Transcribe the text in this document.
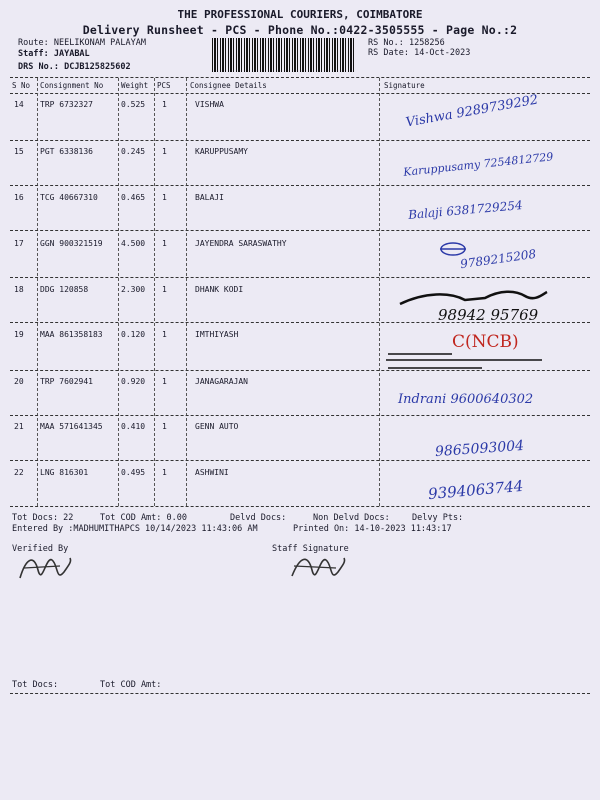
THE PROFESSIONAL COURIERS, COIMBATORE
Delivery Runsheet - PCS - Phone No.:0422-3505555 - Page No.:2
Route: NEELIKONAM PALAYAM
Staff: JAYABAL
DRS No.: DCJB125825602
RS No.: 1258256
RS Date: 14-Oct-2023
S No Consignment No Weight PCS	Consignee Details	Signature
14 TRP 6732327	0.525 1	VISHWA	Vishwa 9289739292
15 PGT 6338136	0.245 1	KARUPPUSAMY	Karuppusamy 7254812729
16 TCG 40667310	0.465 1	BALAJI
Balaji 6381729254
17 GGN 900321519 4.500 1	JAYENDRA SARASWATHY
9789215208
18 DDG 120858	2.300 1	DHANK KODI
98942 95769
19 MAA 861358183 0.120 1	IMTHIYASH	C(NCB)
20 TRP 7602941	0.920 1	JANAGARAJAN
Indrani 9600640302
21 MAA 571641345 0.410 1	GENN AUTO
9865093004
22 LNG 816301	0.495 1	ASHWINI
9394063744
Tot Docs: 22	Tot COD Amt: 0.00	Delvd Docs:	Non Delvd Docs:	Delvy Pts:
Entered By :MADHUMITHAPCS 10/14/2023 11:43:06 AM	Printed On: 14-10-2023 11:43:17
Verified By	Staff Signature
Tot Docs:	Tot COD Amt:
